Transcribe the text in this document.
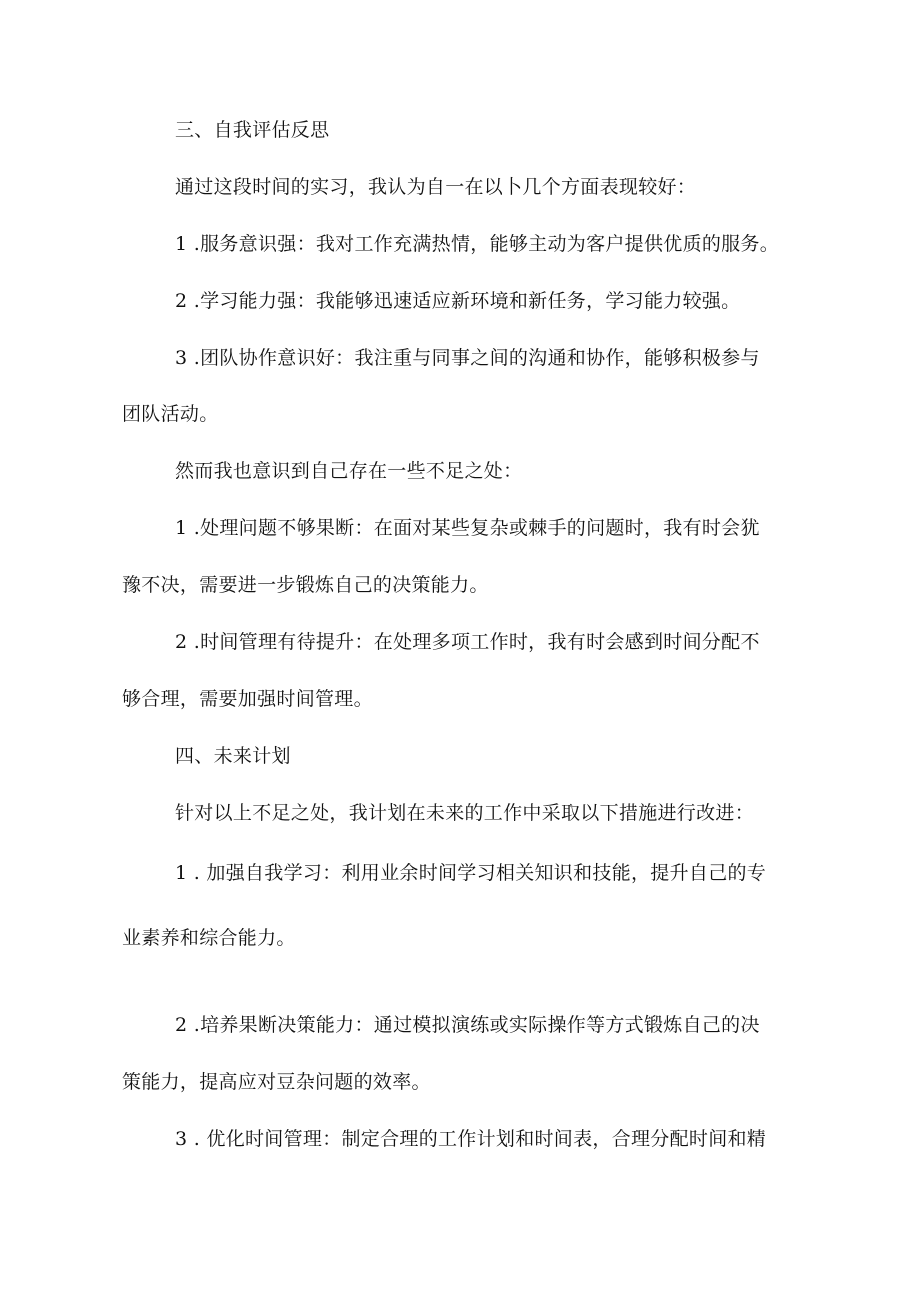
三、自我评估反思
通过这段时间的实习，我认为自一在以卜几个方面表现较好：
1 .服务意识强：我对工作充满热情，能够主动为客户提供优质的服务。
2 .学习能力强：我能够迅速适应新环境和新任务，学习能力较强。
3 .团队协作意识好：我注重与同事之间的沟通和协作，能够积极参与
团队活动。
然而我也意识到自己存在一些不足之处：
1 .处理问题不够果断：在面对某些复杂或棘手的问题时，我有时会犹
豫不决，需要进一步锻炼自己的决策能力。
2 .时间管理有待提升：在处理多项工作时，我有时会感到时间分配不
够合理，需要加强时间管理。
四、未来计划
针对以上不足之处，我计划在未来的工作中采取以下措施进行改进：
1 . 加强自我学习：利用业余时间学习相关知识和技能，提升自己的专
业素养和综合能力。
2 .培养果断决策能力：通过模拟演练或实际操作等方式锻炼自己的决
策能力，提高应对豆杂问题的效率。
3 . 优化时间管理：制定合理的工作计划和时间表，合理分配时间和精
